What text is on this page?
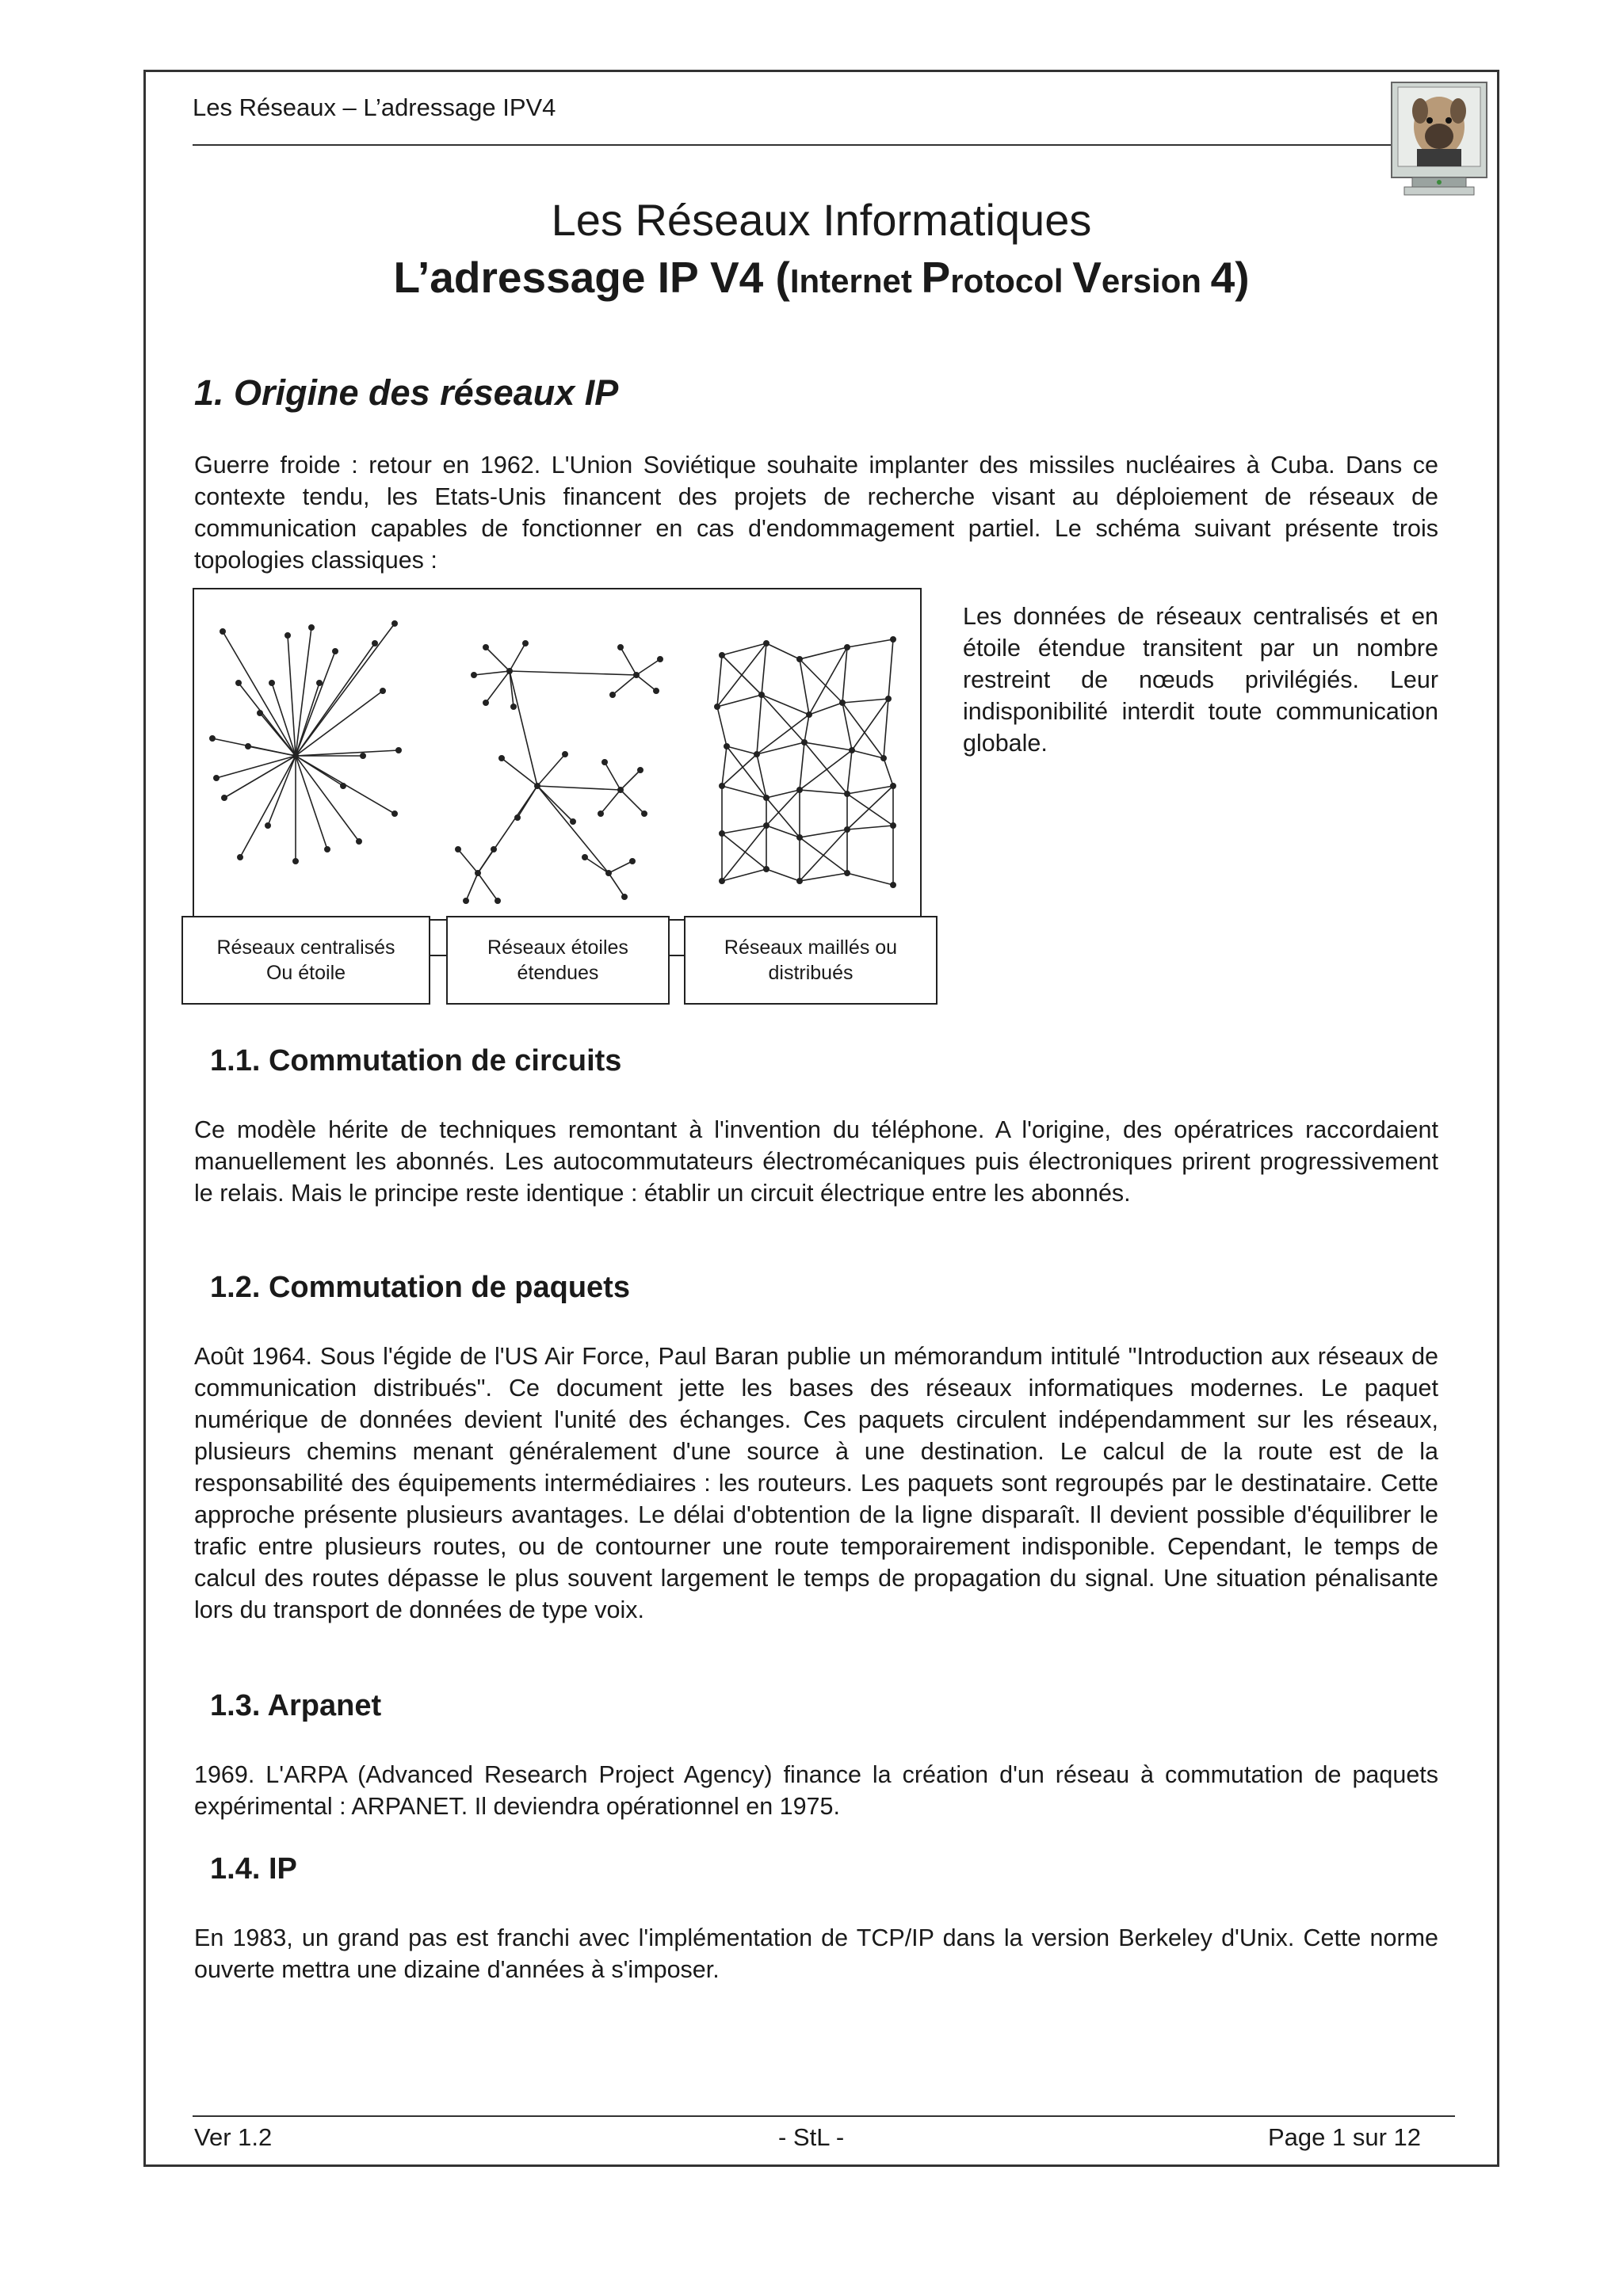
Les Réseaux – L’adressage IPV4
Les Réseaux Informatiques
L’adressage IP V4 (Internet Protocol Version 4)
1. Origine des réseaux IP

Guerre froide : retour en 1962. L'Union Soviétique souhaite implanter des missiles nucléaires à Cuba. Dans ce contexte tendu, les Etats-Unis financent des projets de recherche visant au déploiement de réseaux de communication capables de fonctionner en cas d'endommagement partiel. Le schéma suivant présente trois topologies classiques :

Réseaux centralisés
Ou étoile
Réseaux étoiles
étendues
Réseaux maillés ou
distribués

Les données de réseaux centralisés et en étoile étendue transitent par un nombre restreint de nœuds privilégiés. Leur indisponibilité interdit toute communication globale.

1.1. Commutation de circuits

Ce modèle hérite de techniques remontant à l'invention du téléphone. A l'origine, des opératrices raccordaient manuellement les abonnés. Les autocommutateurs électromécaniques puis électroniques prirent progressivement le relais. Mais le principe reste identique : établir un circuit électrique entre les abonnés.

1.2. Commutation de paquets

Août 1964. Sous l'égide de l'US Air Force, Paul Baran publie un mémorandum intitulé "Introduction aux réseaux de communication distribués". Ce document jette les bases des réseaux informatiques modernes. Le paquet numérique de données devient l'unité des échanges. Ces paquets circulent indépendamment sur les réseaux, plusieurs chemins menant généralement d'une source à une destination. Le calcul de la route est de la responsabilité des équipements intermédiaires : les routeurs. Les paquets sont regroupés par le destinataire. Cette approche présente plusieurs avantages. Le délai d'obtention de la ligne disparaît. Il devient possible d'équilibrer le trafic entre plusieurs routes, ou de contourner une route temporairement indisponible. Cependant, le temps de calcul des routes dépasse le plus souvent largement le temps de propagation du signal. Une situation pénalisante lors du transport de données de type voix.

1.3. Arpanet

1969. L'ARPA (Advanced Research Project Agency) finance la création d'un réseau à commutation de paquets expérimental : ARPANET. Il deviendra opérationnel en 1975.

1.4. IP

En 1983, un grand pas est franchi avec l'implémentation de TCP/IP dans la version Berkeley d'Unix. Cette norme ouverte mettra une dizaine d'années à s'imposer.

Ver 1.2	- StL -	Page 1 sur 12
